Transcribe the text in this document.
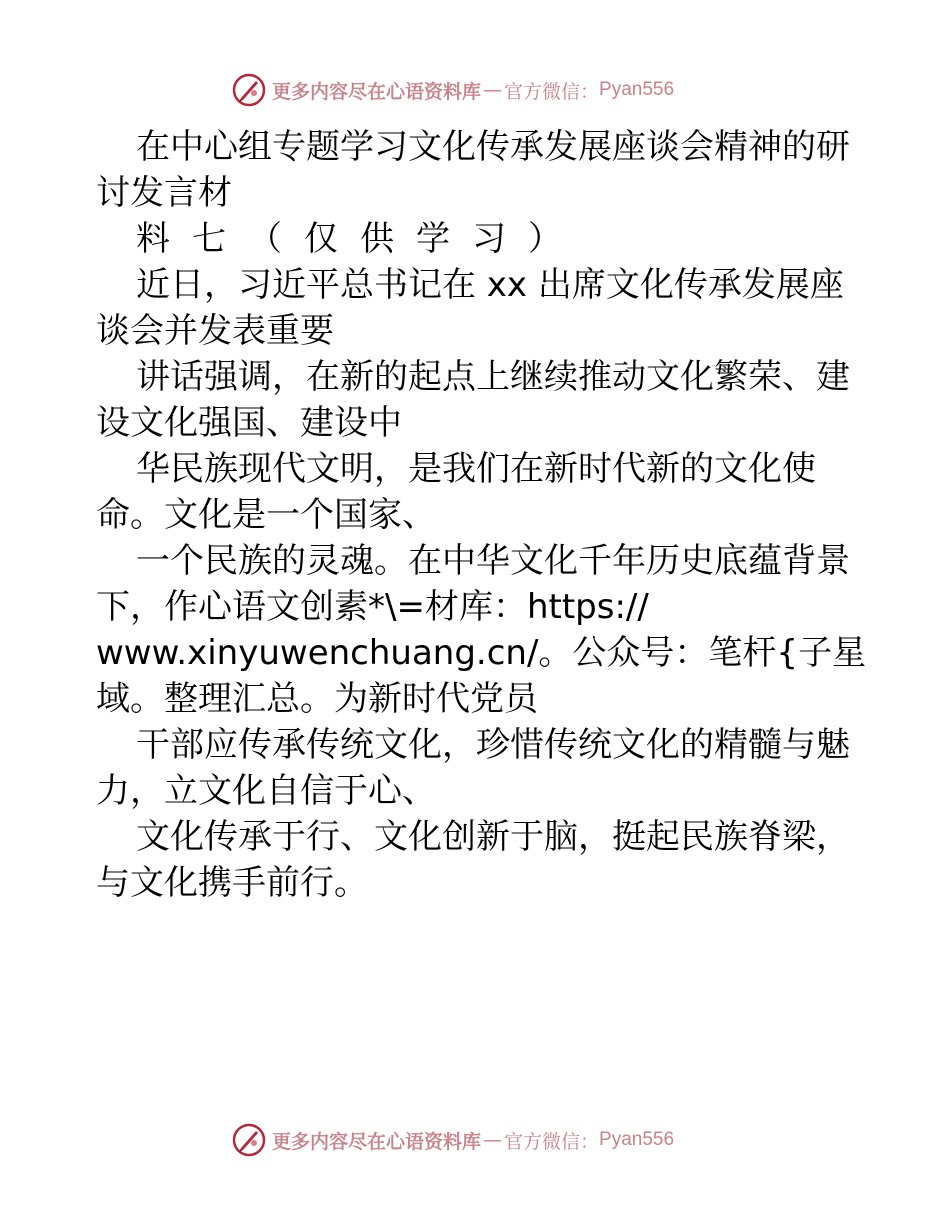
更多内容尽在心语资料库 — 官方微信： Pyan556

在中心组专题学习文化传承发展座谈会精神的研

讨发言材

料七（仅供学习）

近日，习近平总书记在 xx 出席文化传承发展座

谈会并发表重要

讲话强调，在新的起点上继续推动文化繁荣、建

设文化强国、建设中

华民族现代文明，是我们在新时代新的文化使

命。文化是一个国家、

一个民族的灵魂。在中华文化千年历史底蕴背景

下，作心语文创素*\=材库：https://

www.xinyuwenchuang.cn/。公众号：笔杆{子星

域。整理汇总。为新时代党员

干部应传承传统文化，珍惜传统文化的精髓与魅

力，立文化自信于心、

文化传承于行、文化创新于脑，挺起民族脊梁，

与文化携手前行。

更多内容尽在心语资料库 — 官方微信： Pyan556
